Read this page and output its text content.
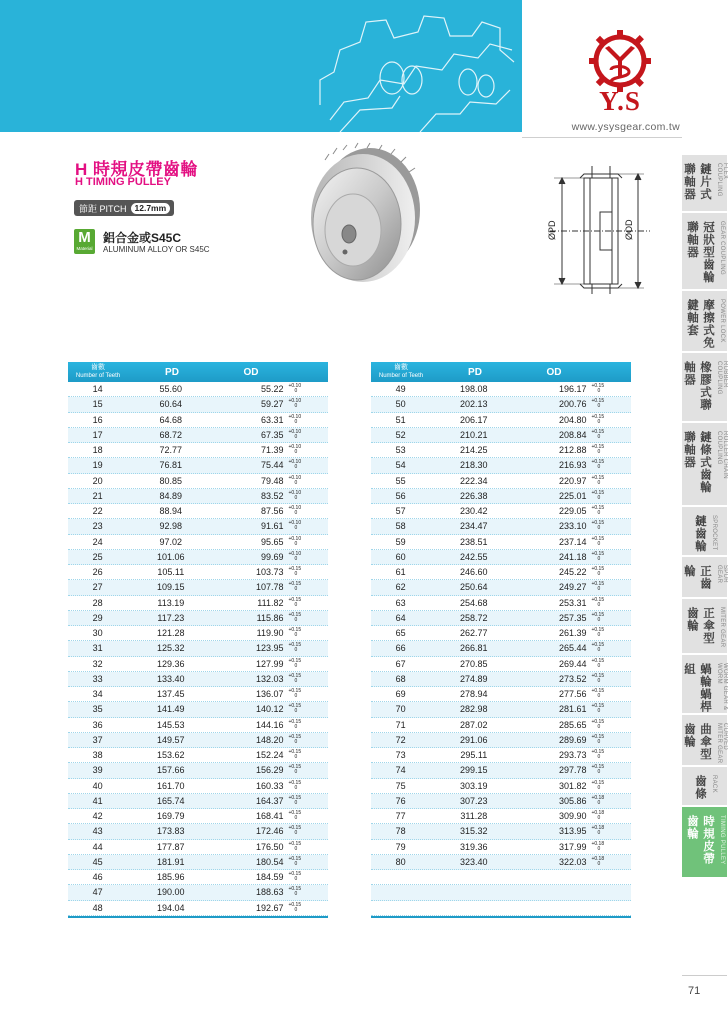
Y.S
www.ysysgear.com.tw
H 時規皮帶齒輪
H TIMING PULLEY
節距 PITCH 12.7mm
M
Material
鋁合金或S45C
ALUMINUM ALLOY OR S45C
ØPD	ØOD
齒數
Number of Teeth	PD	OD
14	55.60	55.22 +0.10
0
15	60.64	59.27 +0.10
0
16	64.68	63.31 +0.10
0
17	68.72	67.35 +0.10
0
18	72.77	71.39 +0.10
0
19	76.81	75.44 +0.10
0
20	80.85	79.48 +0.10
0
21	84.89	83.52 +0.10
0
22	88.94	87.56 +0.10
0
23	92.98	91.61 +0.10
0
24	97.02	95.65 +0.10
0
25	101.06	99.69 +0.10
0
26	105.11	103.73 +0.15
0
27	109.15	107.78 +0.15
0
28	113.19	111.82 +0.15
0
29	117.23	115.86 +0.15
0
30	121.28	119.90 +0.15
0
31	125.32	123.95 +0.15
0
32	129.36	127.99 +0.15
0
33	133.40	132.03 +0.15
0
34	137.45	136.07 +0.15
0
35	141.49	140.12 +0.15
0
36	145.53	144.16 +0.15
0
37	149.57	148.20 +0.15
0
38	153.62	152.24 +0.15
0
39	157.66	156.29 +0.15
0
40	161.70	160.33 +0.15
0
41	165.74	164.37 +0.15
0
42	169.79	168.41 +0.15
0
43	173.83	172.46 +0.15
0
44	177.87	176.50 +0.15
0
45	181.91	180.54 +0.15
0
46	185.96	184.59 +0.15
0
47	190.00	188.63 +0.15
0
48	194.04	192.67 +0.15
0
齒數
Number of Teeth	PD	OD
49	198.08	196.17 +0.15
0
50	202.13	200.76 +0.15
0
51	206.17	204.80 +0.15
0
52	210.21	208.84 +0.15
0
53	214.25	212.88 +0.15
0
54	218.30	216.93 +0.15
0
55	222.34	220.97 +0.15
0
56	226.38	225.01 +0.15
0
57	230.42	229.05 +0.15
0
58	234.47	233.10 +0.15
0
59	238.51	237.14 +0.15
0
60	242.55	241.18 +0.15
0
61	246.60	245.22 +0.15
0
62	250.64	249.27 +0.15
0
63	254.68	253.31 +0.15
0
64	258.72	257.35 +0.15
0
65	262.77	261.39 +0.15
0
66	266.81	265.44 +0.15
0
67	270.85	269.44 +0.15
0
68	274.89	273.52 +0.15
0
69	278.94	277.56 +0.15
0
70	282.98	281.61 +0.15
0
71	287.02	285.65 +0.15
0
72	291.06	289.69 +0.15
0
73	295.11	293.73 +0.15
0
74	299.15	297.78 +0.15
0
75	303.19	301.82 +0.15
0
76	307.23	305.86 +0.18
0
77	311.28	309.90 +0.18
0
78	315.32	313.95 +0.18
0
79	319.36	317.99 +0.18
0
80	323.40	322.03 +0.18
0
鏈片式聯軸器	FLEX COUPLING
冠狀型齒輪聯軸器	GEAR COUPLING
摩擦式免鍵軸套	POWER LOCK
橡膠式聯軸器	RUBBER COUPLING
鏈條式齒輪聯軸器	ROLLER CHAIN COUPLING
鏈齒輪 SPROCKET
正齒輪	SPUR GEAR
正傘型齒輪	MITER GEAR
蝸輪蝸桿組	WORM GEAR & WORM
曲傘型齒輪	CURVED MITER GEAR
齒條 RACK
時規皮帶齒輪	TIMING PULLEY
71
